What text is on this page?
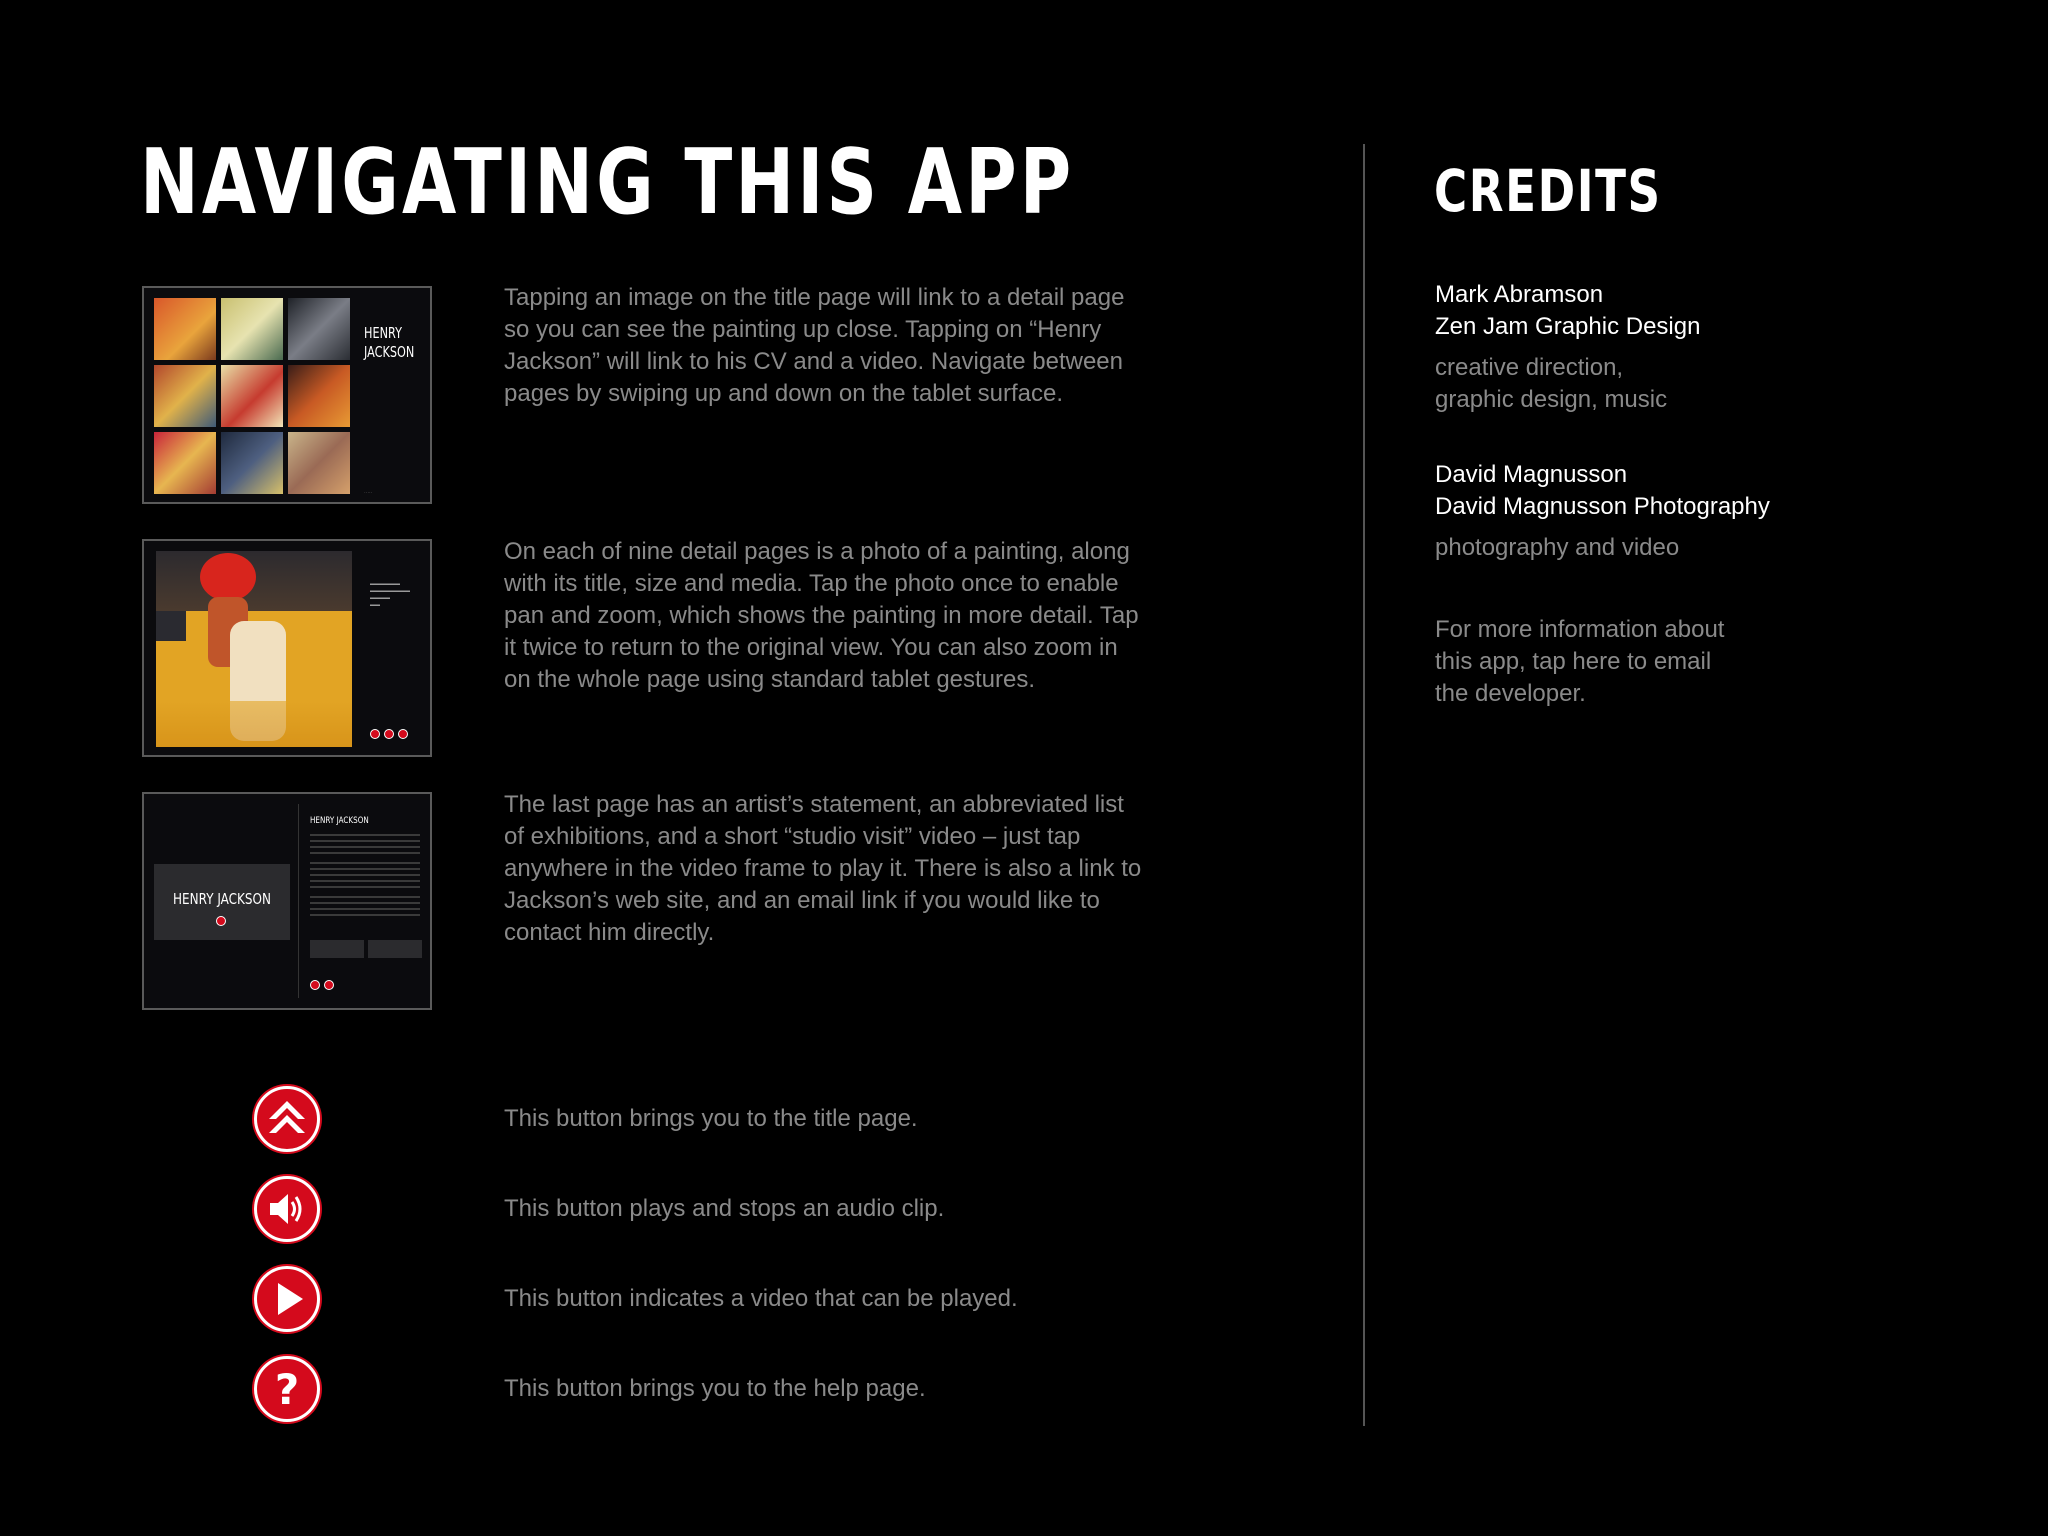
NAVIGATING THIS APP	CREDITS
HENRY JACKSON
·····

Tapping an image on the title page will link to a detail page so you can see the painting up close. Tapping on “Henry Jackson” will link to his CV and a video. Navigate between pages by swiping up and down on the tablet surface.

▬▬▬▬▬▬
▬▬▬▬▬▬▬▬
▬▬▬▬
▬▬

On each of nine detail pages is a photo of a painting, along with its title, size and media. Tap the photo once to enable pan and zoom, which shows the painting in more detail. Tap it twice to return to the original view. You can also zoom in on the whole page using standard tablet gestures.

HENRY JACKSON
HENRY JACKSON

The last page has an artist’s statement, an abbreviated list of exhibitions, and a short “studio visit” video – just tap anywhere in the video frame to play it. There is also a link to Jackson’s web site, and an email link if you would like to contact him directly.

This button brings you to the title page.
This button plays and stops an audio clip.
This button indicates a video that can be played.
?	This button brings you to the help page.
Mark Abramson
Zen Jam Graphic Design
creative direction, graphic design, music
David Magnusson
David Magnusson Photography
photography and video
For more information about this app, tap here to email the developer.
